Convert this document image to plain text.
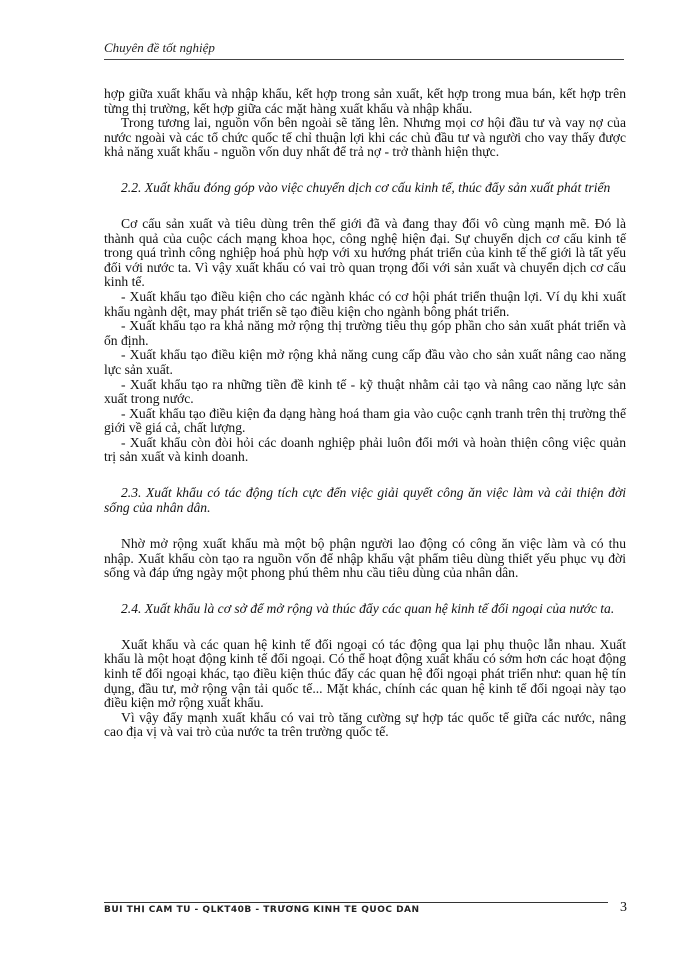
Chuyên đề tốt nghiệp

hợp giữa xuất khẩu và nhập khẩu, kết hợp trong sản xuất, kết hợp trong mua bán, kết hợp trên từng thị trường, kết hợp giữa các mặt hàng xuất khẩu và nhập khẩu.

Trong tương lai, nguồn vốn bên ngoài sẽ tăng lên. Nhưng mọi cơ hội đầu tư và vay nợ của nước ngoài và các tổ chức quốc tế chỉ thuận lợi khi các chủ đầu tư và người cho vay thấy được khả năng xuất khẩu - nguồn vốn duy nhất để trả nợ - trở thành hiện thực.

2.2. Xuất khẩu đóng góp vào việc chuyển dịch cơ cấu kinh tế, thúc đẩy sản xuất phát triển

Cơ cấu sản xuất và tiêu dùng trên thế giới đã và đang thay đổi vô cùng mạnh mẽ. Đó là thành quả của cuộc cách mạng khoa học, công nghệ hiện đại. Sự chuyển dịch cơ cấu kinh tế trong quá trình công nghiệp hoá phù hợp với xu hướng phát triển của kinh tế thế giới là tất yếu đối với nước ta. Vì vậy xuất khẩu có vai trò quan trọng đối với sản xuất và chuyển dịch cơ cấu kinh tế.

- Xuất khẩu tạo điều kiện cho các ngành khác có cơ hội phát triển thuận lợi. Ví dụ khi xuất khẩu ngành dệt, may phát triển sẽ tạo điều kiện cho ngành bông phát triển.

- Xuất khẩu tạo ra khả năng mở rộng thị trường tiêu thụ góp phần cho sản xuất phát triển và ổn định.

- Xuất khẩu tạo điều kiện mở rộng khả năng cung cấp đầu vào cho sản xuất nâng cao năng lực sản xuất.

- Xuất khẩu tạo ra những tiền đề kinh tế - kỹ thuật nhằm cải tạo và nâng cao năng lực sản xuất trong nước.

- Xuất khẩu tạo điều kiện đa dạng hàng hoá tham gia vào cuộc cạnh tranh trên thị trường thế giới về giá cả, chất lượng.

- Xuất khẩu còn đòi hỏi các doanh nghiệp phải luôn đổi mới và hoàn thiện công việc quản trị sản xuất và kinh doanh.

2.3. Xuất khẩu có tác động tích cực đến việc giải quyết công ăn việc làm và cải thiện đời sống của nhân dân.

Nhờ mở rộng xuất khẩu mà một bộ phận người lao động có công ăn việc làm và có thu nhập. Xuất khẩu còn tạo ra nguồn vốn để nhập khẩu vật phẩm tiêu dùng thiết yếu phục vụ đời sống và đáp ứng ngày một phong phú thêm nhu cầu tiêu dùng của nhân dân.

2.4. Xuất khẩu là cơ sở để mở rộng và thúc đẩy các quan hệ kinh tế đối ngoại của nước ta.

Xuất khẩu và các quan hệ kinh tế đối ngoại có tác động qua lại phụ thuộc lẫn nhau. Xuất khẩu là một hoạt động kinh tế đối ngoại. Có thể hoạt động xuất khẩu có sớm hơn các hoạt động kinh tế đối ngoại khác, tạo điều kiện thúc đẩy các quan hệ đối ngoại phát triển như: quan hệ tín dụng, đầu tư, mở rộng vận tải quốc tế... Mặt khác, chính các quan hệ kinh tế đối ngoại này tạo điều kiện mở rộng xuất khẩu.

Vì vậy đẩy mạnh xuất khẩu có vai trò tăng cường sự hợp tác quốc tế giữa các nước, nâng cao địa vị và vai trò của nước ta trên trường quốc tế.

BÙI THỊ CẨM TÚ - QLKT40B - TRƯỜNG KINH TẾ QUỐC DÂN	3
